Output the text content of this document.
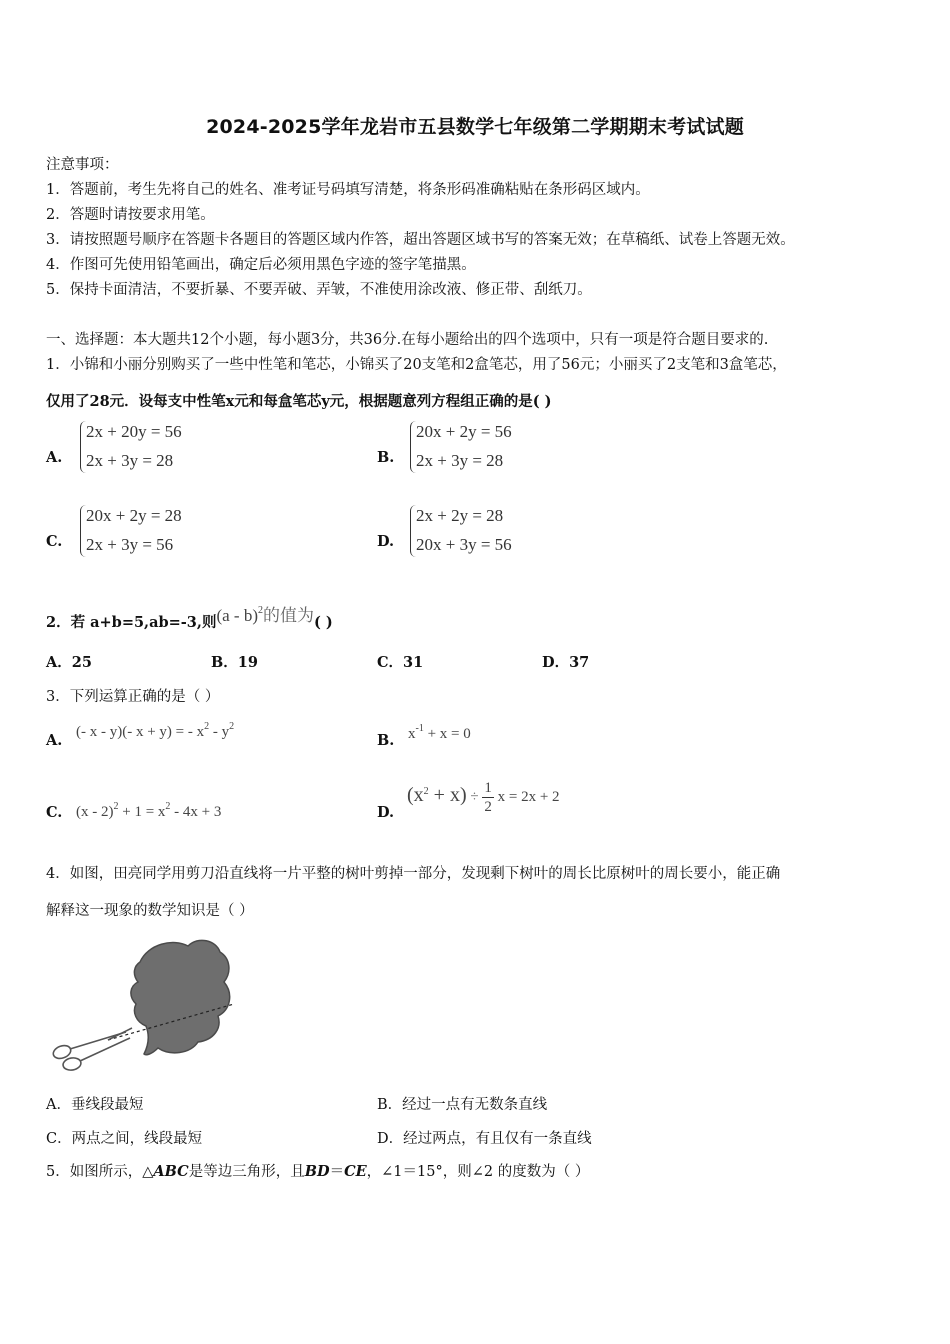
2024-2025学年龙岩市五县数学七年级第二学期期末考试试题
注意事项：
1．答题前，考生先将自己的姓名、准考证号码填写清楚，将条形码准确粘贴在条形码区域内。
2．答题时请按要求用笔。
3．请按照题号顺序在答题卡各题目的答题区域内作答，超出答题区域书写的答案无效；在草稿纸、试卷上答题无效。
4．作图可先使用铅笔画出，确定后必须用黑色字迹的签字笔描黑。
5．保持卡面清洁，不要折暴、不要弄破、弄皱，不准使用涂改液、修正带、刮纸刀。
一、选择题：本大题共12个小题，每小题3分，共36分.在每小题给出的四个选项中，只有一项是符合题目要求的.
1．小锦和小丽分别购买了一些中性笔和笔芯，小锦买了20支笔和2盒笔芯，用了56元；小丽买了2支笔和3盒笔芯，
仅用了28元．设每支中性笔x元和每盒笔芯y元，根据题意列方程组正确的是( )
A.
2x + 20y = 56
2x + 3y = 28	B.
20x + 2y = 56
2x + 3y = 28
C.
20x + 2y = 28
2x + 3y = 56	D.
2x + 2y = 28
20x + 3y = 56
2．若 a+b=5,ab=-3,则(a - b)$^2$的值为( )
A．25	B．19	C．31	D．37
3．下列运算正确的是（ ）
A. (- x - y)(- x + y) = - $x^2 - y^2$
B. $x^{-1} + x = 0$
C. $(x - 2)^2 + 1 = x^2 - 4x + 3$	D.
$(x^2 + x) \div \frac{1}{2}$ x = 2x + 2
4．如图，田亮同学用剪刀沿直线将一片平整的树叶剪掉一部分，发现剩下树叶的周长比原树叶的周长要小，能正确
解释这一现象的数学知识是（ ）
A．垂线段最短	B．经过一点有无数条直线
C．两点之间，线段最短	D．经过两点，有且仅有一条直线
5．如图所示，△ABC是等边三角形，且BD＝CE，∠1＝15°，则∠2 的度数为（ ）
